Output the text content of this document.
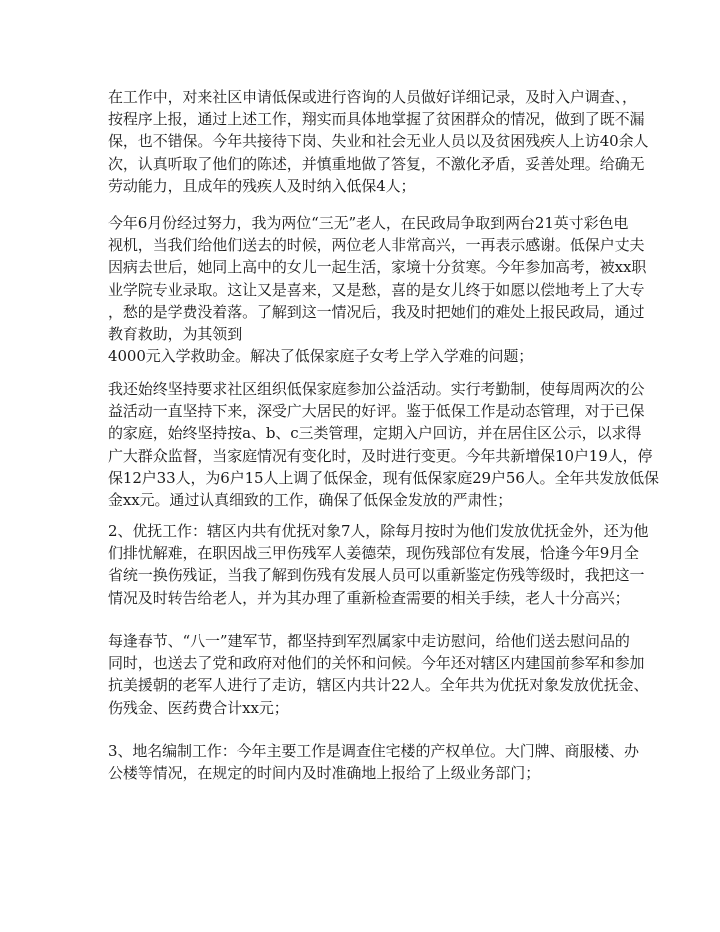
在工作中，对来社区申请低保或进行咨询的人员做好详细记录，及时入户调查、，
按程序上报，通过上述工作，翔实而具体地掌握了贫困群众的情况，做到了既不漏
保，也不错保。今年共接待下岗、失业和社会无业人员以及贫困残疾人上访40余人
次，认真听取了他们的陈述，并慎重地做了答复，不激化矛盾，妥善处理。给确无
劳动能力，且成年的残疾人及时纳入低保4人；
今年6月份经过努力，我为两位“三无”老人，在民政局争取到两台21英寸彩色电
视机，当我们给他们送去的时候，两位老人非常高兴，一再表示感谢。低保户丈夫
因病去世后，她同上高中的女儿一起生活，家境十分贫寒。今年参加高考，被xx职
业学院专业录取。这让又是喜来，又是愁，喜的是女儿终于如愿以偿地考上了大专
，愁的是学费没着落。了解到这一情况后，我及时把她们的难处上报民政局，通过
教育救助，为其领到
4000元入学救助金。解决了低保家庭子女考上学入学难的问题；
我还始终坚持要求社区组织低保家庭参加公益活动。实行考勤制，使每周两次的公
益活动一直坚持下来，深受广大居民的好评。鉴于低保工作是动态管理，对于已保
的家庭，始终坚持按a、b、c三类管理，定期入户回访，并在居住区公示，以求得
广大群众监督，当家庭情况有变化时，及时进行变更。今年共新增保10户19人，停
保12户33人，为6户15人上调了低保金，现有低保家庭29户56人。全年共发放低保
金xx元。通过认真细致的工作，确保了低保金发放的严肃性；
2、优抚工作：辖区内共有优抚对象7人，除每月按时为他们发放优抚金外，还为他
们排忧解难，在职因战三甲伤残军人姜德荣，现伤残部位有发展，恰逢今年9月全
省统一换伤残证，当我了解到伤残有发展人员可以重新鉴定伤残等级时，我把这一
情况及时转告给老人，并为其办理了重新检查需要的相关手续，老人十分高兴；
每逢春节、“八一”建军节，都坚持到军烈属家中走访慰问，给他们送去慰问品的
同时，也送去了党和政府对他们的关怀和问候。今年还对辖区内建国前参军和参加
抗美援朝的老军人进行了走访，辖区内共计22人。全年共为优抚对象发放优抚金、
伤残金、医药费合计xx元；
3、地名编制工作：今年主要工作是调查住宅楼的产权单位。大门牌、商服楼、办
公楼等情况，在规定的时间内及时准确地上报给了上级业务部门；
